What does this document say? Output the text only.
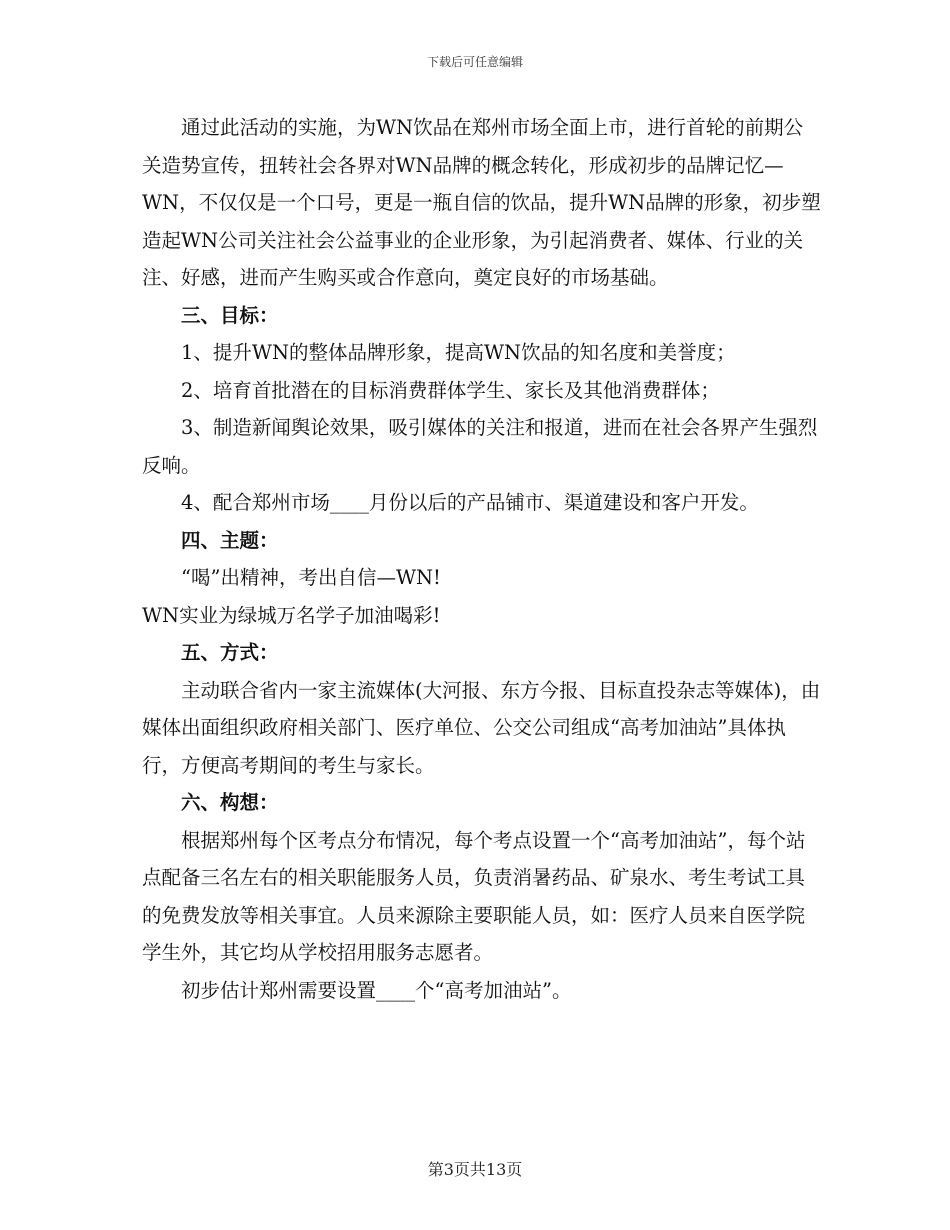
下载后可任意编辑

通过此活动的实施，为WN饮品在郑州市场全面上市，进行首轮的前期公关造势宣传，扭转社会各界对WN品牌的概念转化，形成初步的品牌记忆—WN，不仅仅是一个口号，更是一瓶自信的饮品，提升WN品牌的形象，初步塑造起WN公司关注社会公益事业的企业形象，为引起消费者、媒体、行业的关注、好感，进而产生购买或合作意向，奠定良好的市场基础。

三、目标：

1、提升WN的整体品牌形象，提高WN饮品的知名度和美誉度；

2、培育首批潜在的目标消费群体学生、家长及其他消费群体；

3、制造新闻舆论效果，吸引媒体的关注和报道，进而在社会各界产生强烈反响。

4、配合郑州市场____月份以后的产品铺市、渠道建设和客户开发。

四、主题：

“喝”出精神，考出自信—WN!

WN实业为绿城万名学子加油喝彩!

五、方式：

主动联合省内一家主流媒体(大河报、东方今报、目标直投杂志等媒体)，由媒体出面组织政府相关部门、医疗单位、公交公司组成“高考加油站”具体执行，方便高考期间的考生与家长。

六、构想：

根据郑州每个区考点分布情况，每个考点设置一个“高考加油站”，每个站点配备三名左右的相关职能服务人员，负责消暑药品、矿泉水、考生考试工具的免费发放等相关事宜。人员来源除主要职能人员，如：医疗人员来自医学院学生外，其它均从学校招用服务志愿者。

初步估计郑州需要设置____个“高考加油站”。

第3页共13页
